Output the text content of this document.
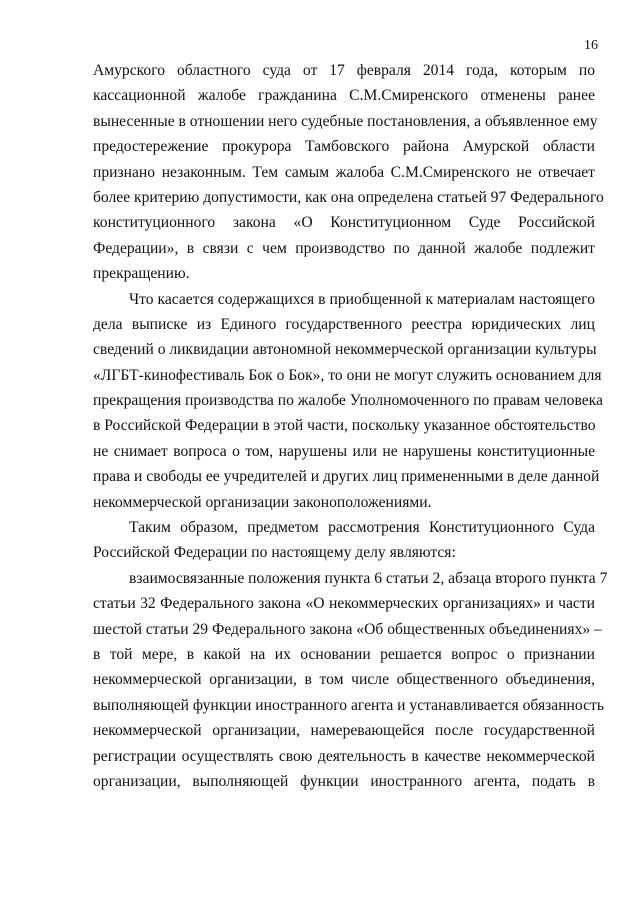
16
Амурского областного суда от 17 февраля 2014 года, которым по
кассационной жалобе гражданина С.М.Смиренского отменены ранее
вынесенные в отношении него судебные постановления, а объявленное ему
предостережение прокурора Тамбовского района Амурской области
признано незаконным. Тем самым жалоба С.М.Смиренского не отвечает
более критерию допустимости, как она определена статьей 97 Федерального
конституционного закона «О Конституционном Суде Российской
Федерации», в связи с чем производство по данной жалобе подлежит
прекращению.
Что касается содержащихся в приобщенной к материалам настоящего
дела выписке из Единого государственного реестра юридических лиц
сведений о ликвидации автономной некоммерческой организации культуры
«ЛГБТ-кинофестиваль Бок о Бок», то они не могут служить основанием для
прекращения производства по жалобе Уполномоченного по правам человека
в Российской Федерации в этой части, поскольку указанное обстоятельство
не снимает вопроса о том, нарушены или не нарушены конституционные
права и свободы ее учредителей и других лиц примененными в деле данной
некоммерческой организации законоположениями.
Таким образом, предметом рассмотрения Конституционного Суда
Российской Федерации по настоящему делу являются:
взаимосвязанные положения пункта 6 статьи 2, абзаца второго пункта 7
статьи 32 Федерального закона «О некоммерческих организациях» и части
шестой статьи 29 Федерального закона «Об общественных объединениях» –
в той мере, в какой на их основании решается вопрос о признании
некоммерческой организации, в том числе общественного объединения,
выполняющей функции иностранного агента и устанавливается обязанность
некоммерческой организации, намеревающейся после государственной
регистрации осуществлять свою деятельность в качестве некоммерческой
организации, выполняющей функции иностранного агента, подать в
